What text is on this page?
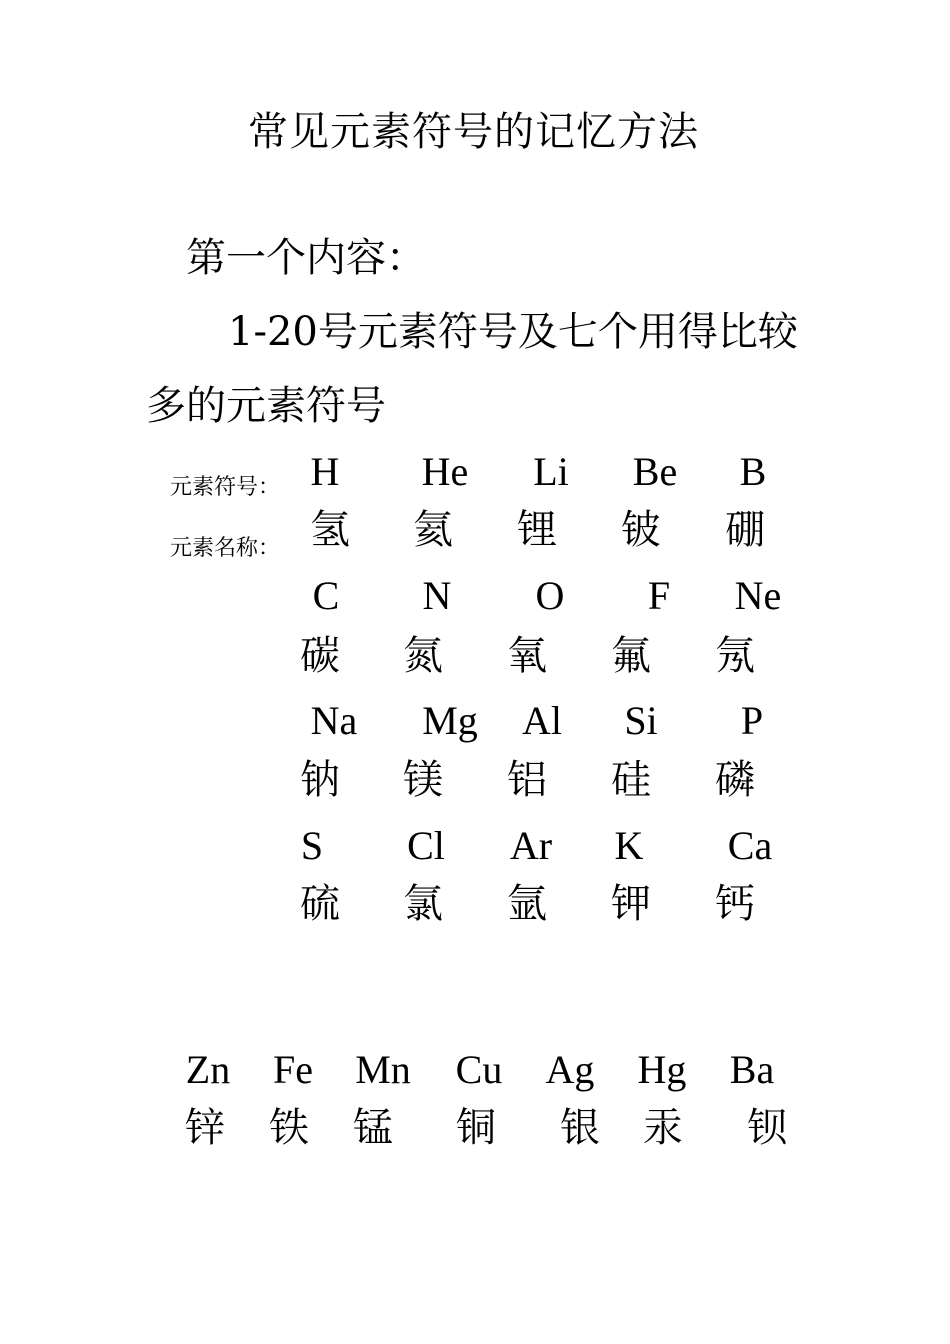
常见元素符号的记忆方法
第一个内容：
1-20号元素符号及七个用得比较
多的元素符号
元素符号：
元素名称：
H	He	Li	Be	B
氢	氦	锂	铍	硼
C	N	O	F	Ne
碳	氮	氧	氟	氖
Na	Mg	Al	Si	P
钠	镁	铝	硅	磷
S	Cl	Ar	K	Ca
硫	氯	氩	钾	钙
Zn	Fe	Mn	Cu	Ag	Hg	Ba
锌	铁	锰	铜	银	汞	钡
